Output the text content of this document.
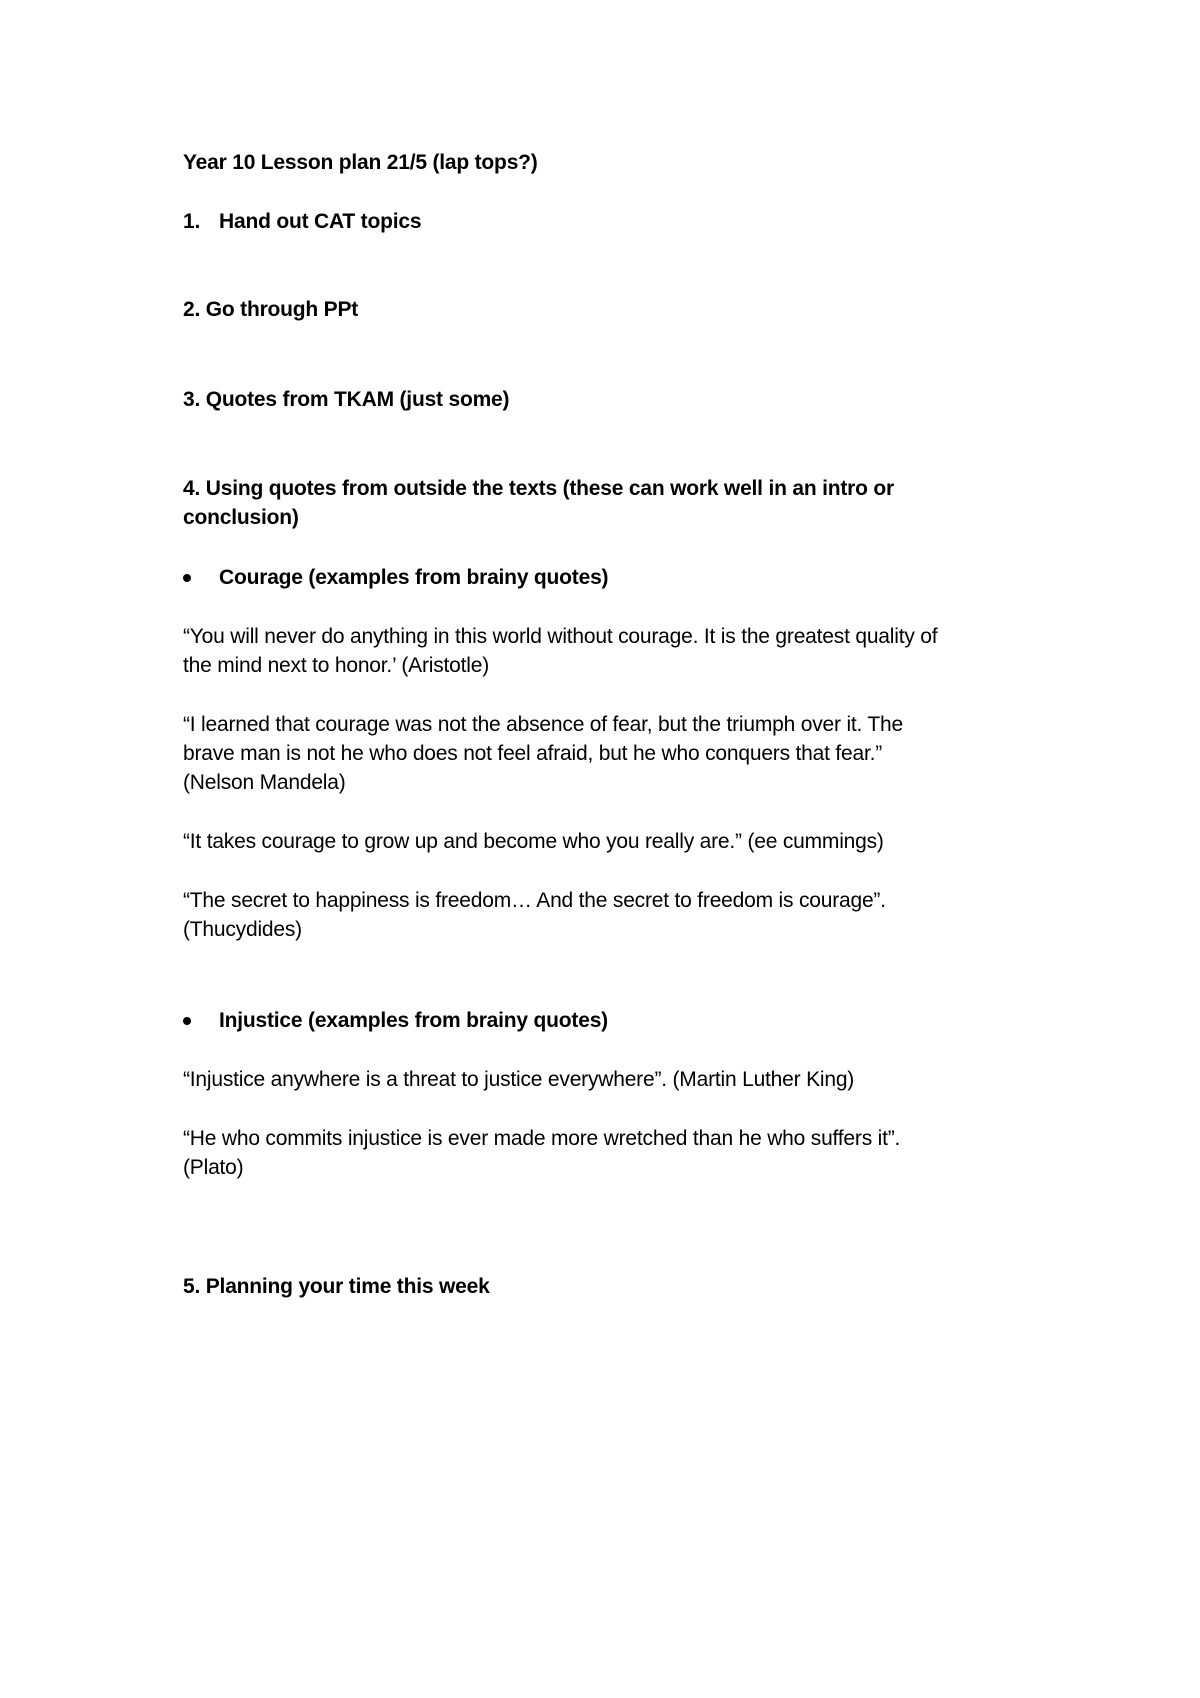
Year 10 Lesson plan 21/5 (lap tops?)
1. Hand out CAT topics
2. Go through PPt
3. Quotes from TKAM (just some)
4. Using quotes from outside the texts (these can work well in an intro or
conclusion)
Courage (examples from brainy quotes)
“You will never do anything in this world without courage. It is the greatest quality of
the mind next to honor.’ (Aristotle)
“I learned that courage was not the absence of fear, but the triumph over it. The
brave man is not he who does not feel afraid, but he who conquers that fear.”
(Nelson Mandela)
“It takes courage to grow up and become who you really are.” (ee cummings)
“The secret to happiness is freedom… And the secret to freedom is courage”.
(Thucydides)
Injustice (examples from brainy quotes)
“Injustice anywhere is a threat to justice everywhere”. (Martin Luther King)
“He who commits injustice is ever made more wretched than he who suffers it”.
(Plato)
5. Planning your time this week
